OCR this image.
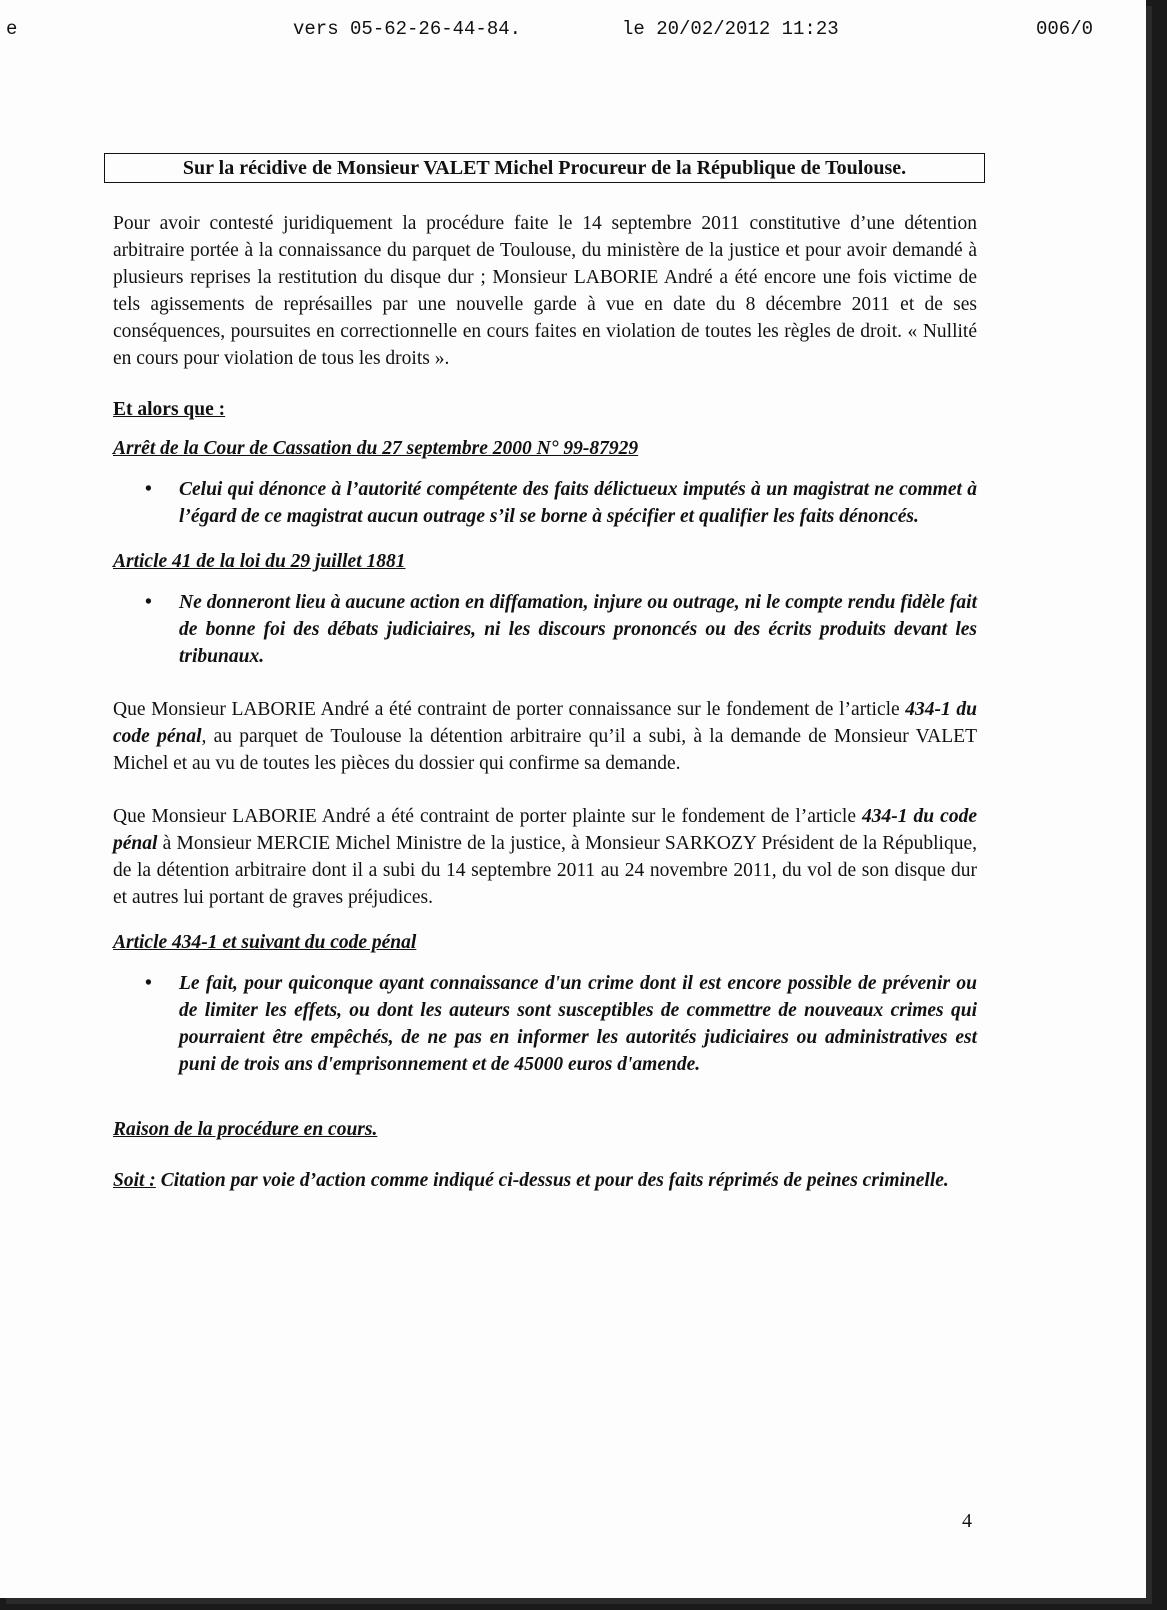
e	vers 05-62-26-44-84.	le 20/02/2012 11:23	006/0
Sur la récidive de Monsieur VALET Michel Procureur de la République de Toulouse.

Pour avoir contesté juridiquement la procédure faite le 14 septembre 2011 constitutive d’une détention arbitraire portée à la connaissance du parquet de Toulouse, du ministère de la justice et pour avoir demandé à plusieurs reprises la restitution du disque dur ; Monsieur LABORIE André a été encore une fois victime de tels agissements de représailles par une nouvelle garde à vue en date du 8 décembre 2011 et de ses conséquences, poursuites en correctionnelle en cours faites en violation de toutes les règles de droit. « Nullité en cours pour violation de tous les droits ».

Et alors que :

Arrêt de la Cour de Cassation du 27 septembre 2000 N° 99-87929

• Celui qui dénonce à l’autorité compétente des faits délictueux imputés à un magistrat ne commet à l’égard de ce magistrat aucun outrage s’il se borne à spécifier et qualifier les faits dénoncés.

Article 41 de la loi du 29 juillet 1881

• Ne donneront lieu à aucune action en diffamation, injure ou outrage, ni le compte rendu fidèle fait de bonne foi des débats judiciaires, ni les discours prononcés ou des écrits produits devant les tribunaux.

Que Monsieur LABORIE André a été contraint de porter connaissance sur le fondement de l’article 434-1 du code pénal, au parquet de Toulouse la détention arbitraire qu’il a subi, à la demande de Monsieur VALET Michel et au vu de toutes les pièces du dossier qui confirme sa demande.

Que Monsieur LABORIE André a été contraint de porter plainte sur le fondement de l’article 434-1 du code pénal à Monsieur MERCIE Michel Ministre de la justice, à Monsieur SARKOZY Président de la République, de la détention arbitraire dont il a subi du 14 septembre 2011 au 24 novembre 2011, du vol de son disque dur et autres lui portant de graves préjudices.

Article 434-1 et suivant du code pénal

• Le fait, pour quiconque ayant connaissance d'un crime dont il est encore possible de prévenir ou de limiter les effets, ou dont les auteurs sont susceptibles de commettre de nouveaux crimes qui pourraient être empêchés, de ne pas en informer les autorités judiciaires ou administratives est puni de trois ans d'emprisonnement et de 45000 euros d'amende.

Raison de la procédure en cours.

Soit : Citation par voie d’action comme indiqué ci-dessus et pour des faits réprimés de peines criminelle.

4
